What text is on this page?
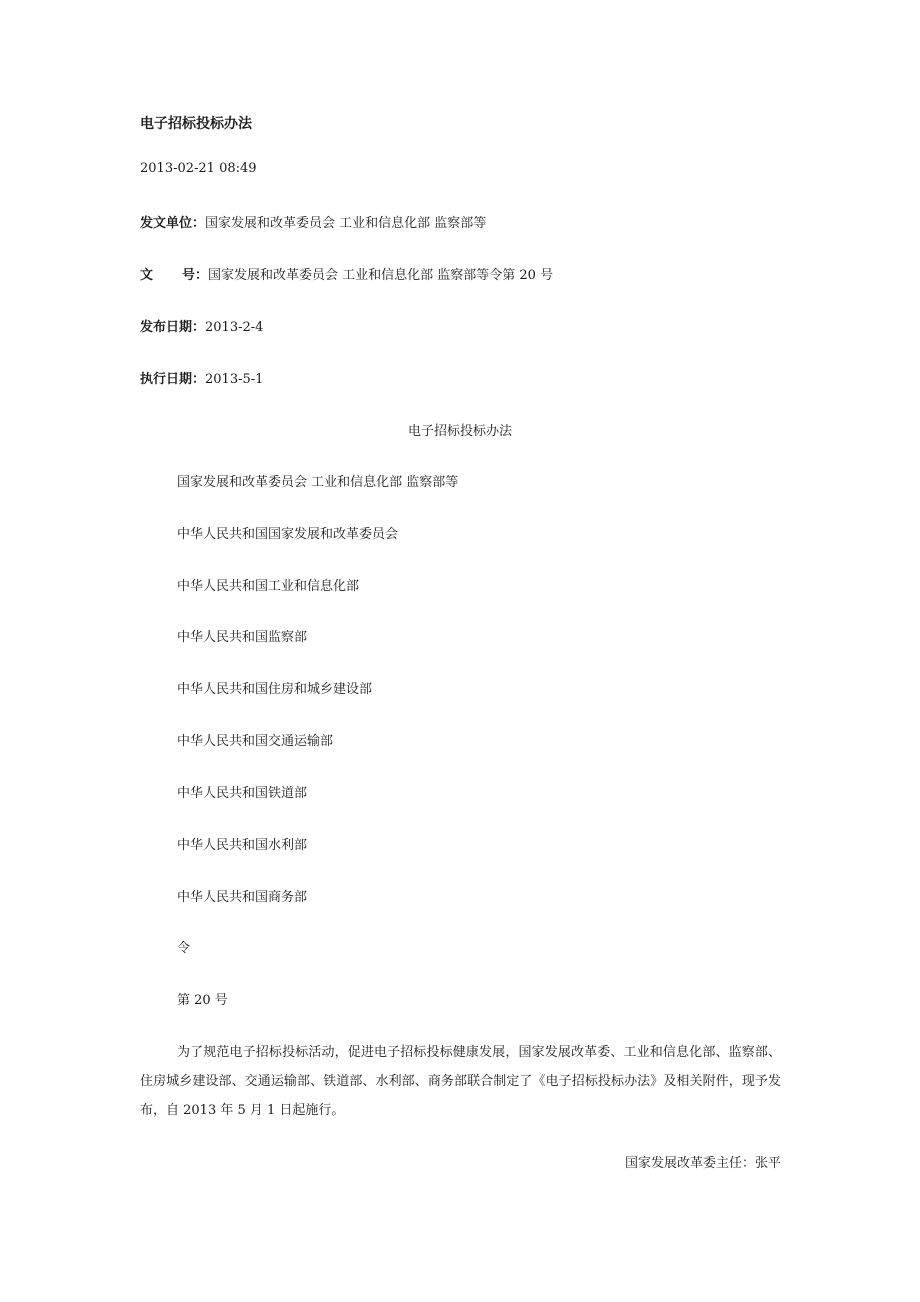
电子招标投标办法
2013-02-21 08:49
发文单位：国家发展和改革委员会 工业和信息化部 监察部等
文 号：国家发展和改革委员会 工业和信息化部 监察部等令第 20 号
发布日期：2013-2-4
执行日期：2013-5-1
电子招标投标办法
国家发展和改革委员会 工业和信息化部 监察部等
中华人民共和国国家发展和改革委员会
中华人民共和国工业和信息化部
中华人民共和国监察部
中华人民共和国住房和城乡建设部
中华人民共和国交通运输部
中华人民共和国铁道部
中华人民共和国水利部
中华人民共和国商务部
令
第 20 号
为了规范电子招标投标活动，促进电子招标投标健康发展，国家发展改革委、工业和信息化部、监察部、住房城乡建设部、交通运输部、铁道部、水利部、商务部联合制定了《电子招标投标办法》及相关附件，现予发布，自 2013 年 5 月 1 日起施行。
国家发展改革委主任：张平
